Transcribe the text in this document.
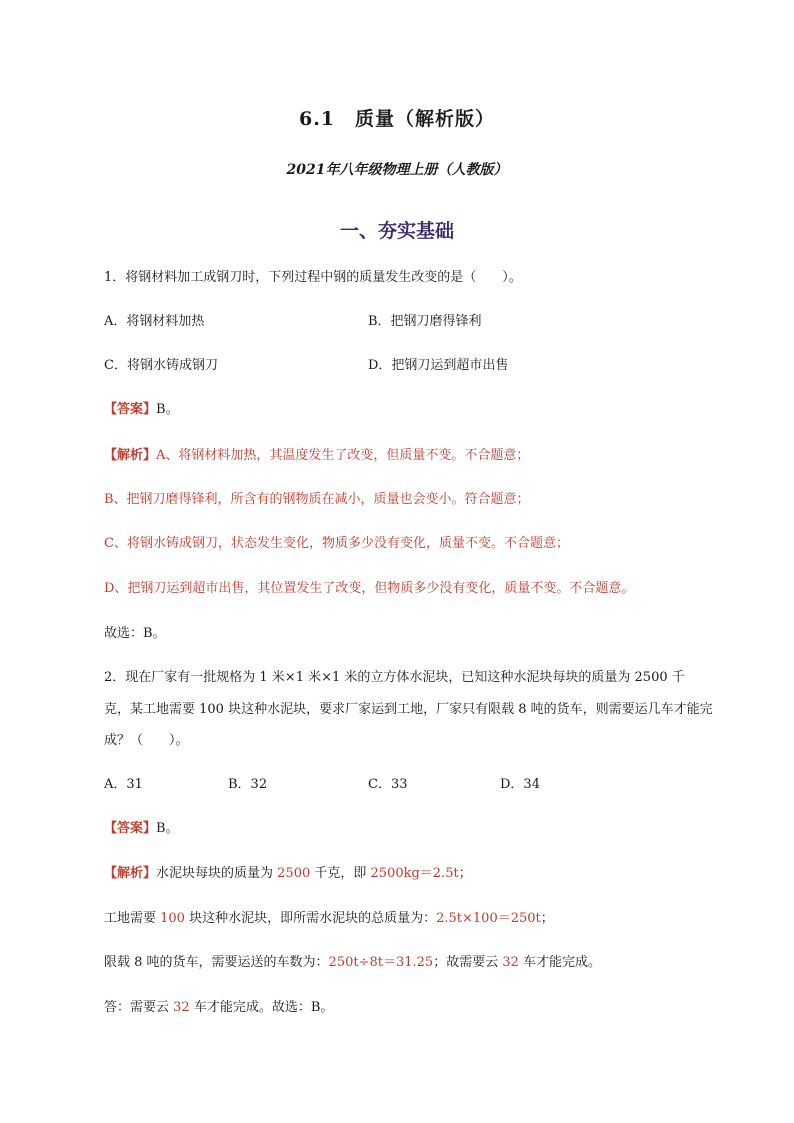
6.1　质量（解析版）
2021年八年级物理上册（人教版）
一、夯实基础
1．将钢材料加工成钢刀时，下列过程中钢的质量发生改变的是（　　）。
A．将钢材料加热	B．把钢刀磨得锋利
C．将钢水铸成钢刀	D．把钢刀运到超市出售
【答案】B。
【解析】A、将钢材料加热，其温度发生了改变，但质量不变。不合题意；
B、把钢刀磨得锋利，所含有的钢物质在减小，质量也会变小。符合题意；
C、将钢水铸成钢刀，状态发生变化，物质多少没有变化，质量不变。不合题意；
D、把钢刀运到超市出售，其位置发生了改变，但物质多少没有变化，质量不变。不合题意。
故选：B。
2．现在厂家有一批规格为 1 米×1 米×1 米的立方体水泥块，已知这种水泥块每块的质量为 2500 千
克，某工地需要 100 块这种水泥块，要求厂家运到工地，厂家只有限载 8 吨的货车，则需要运几车才能完
成？（　　）。
A．31	B．32	C．33	D．34
【答案】B。
【解析】水泥块每块的质量为 2500 千克，即 2500kg＝2.5t；
工地需要 100 块这种水泥块，即所需水泥块的总质量为：2.5t×100＝250t；
限载 8 吨的货车，需要运送的车数为：250t÷8t＝31.25；故需要云 32 车才能完成。
答：需要云 32 车才能完成。故选：B。
